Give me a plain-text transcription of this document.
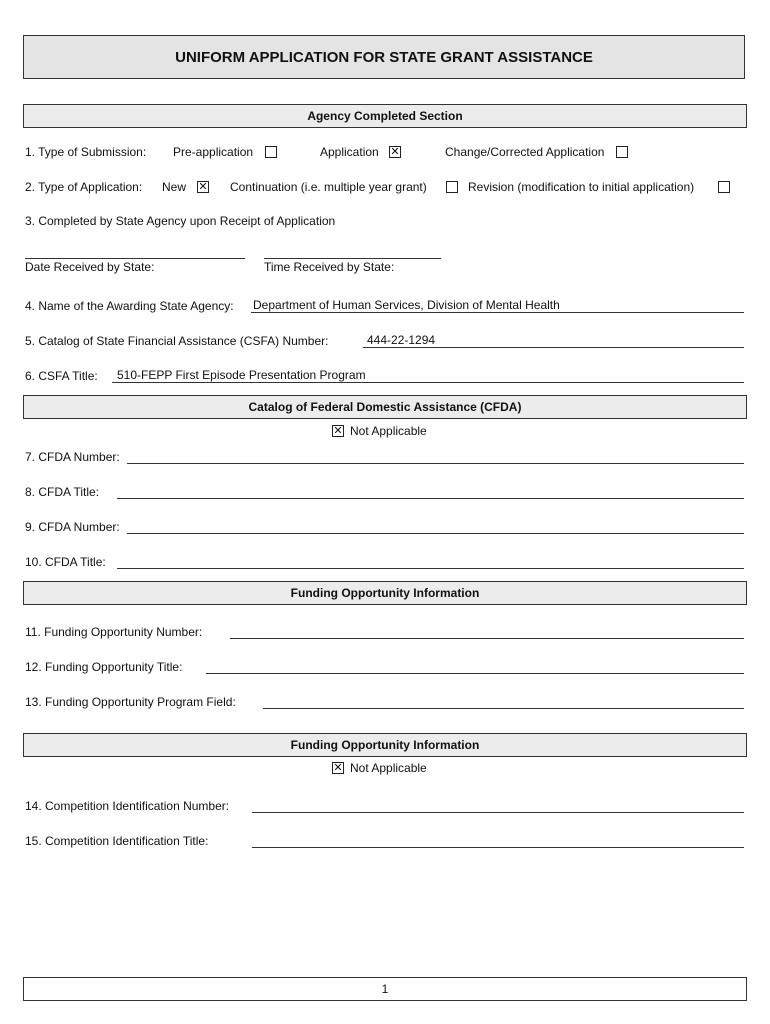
UNIFORM APPLICATION FOR STATE GRANT ASSISTANCE
Agency Completed Section
1. Type of Submission: Pre-application	Application ✕	Change/Corrected Application
2. Type of Application: New ✕	Continuation (i.e. multiple year grant)	Revision (modification to initial application)
3. Completed by State Agency upon Receipt of Application
Date Received by State:	Time Received by State:
4. Name of the Awarding State Agency: Department of Human Services, Division of Mental Health
5. Catalog of State Financial Assistance (CSFA) Number:	444-22-1294
6. CSFA Title: 510-FEPP First Episode Presentation Program
Catalog of Federal Domestic Assistance (CFDA)
✕
Not Applicable
7. CFDA Number:
8. CFDA Title:
9. CFDA Number:
10. CFDA Title:
Funding Opportunity Information
11. Funding Opportunity Number:
12. Funding Opportunity Title:
13. Funding Opportunity Program Field:
Funding Opportunity Information
✕
Not Applicable
14. Competition Identification Number:
15. Competition Identification Title:
1
